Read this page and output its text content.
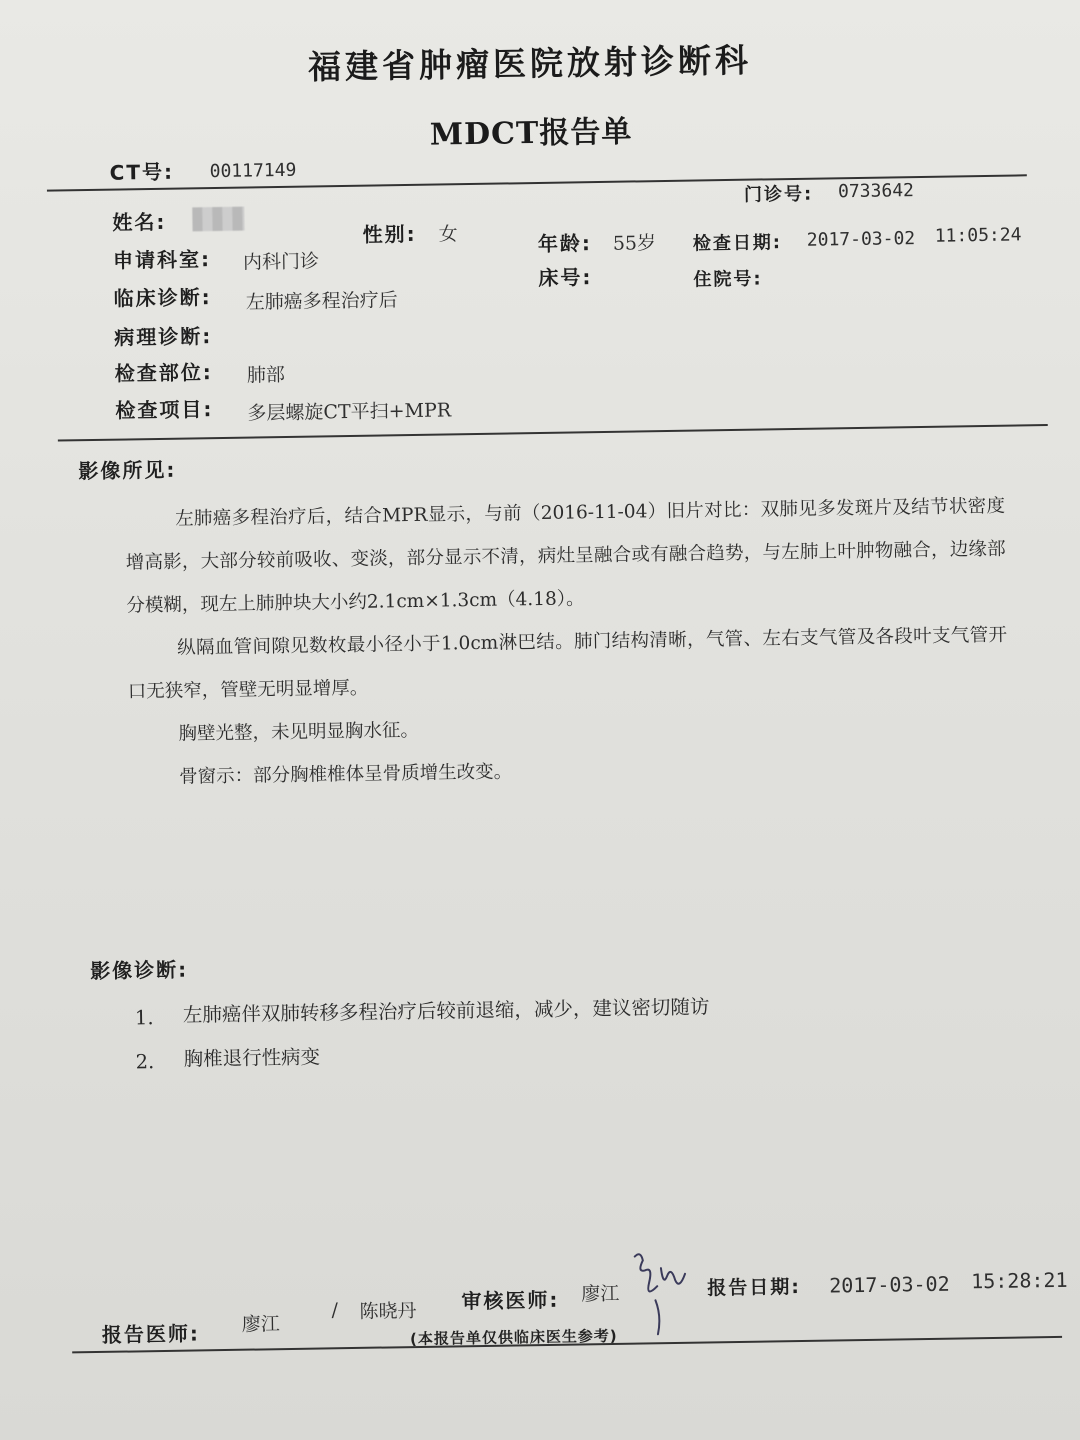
福建省肿瘤医院放射诊断科
MDCT报告单
CT号: 00117149
门诊号: 0733642
姓名:	性别: 女
申请科室: 内科门诊
年龄: 55岁 检查日期: 2017-03-02 11:05:24
临床诊断: 左肺癌多程治疗后
床号:	住院号:
病理诊断:
检查部位: 肺部
检查项目: 多层螺旋CT平扫+MPR
影像所见:

左肺癌多程治疗后，结合MPR显示，与前（2016-11-04）旧片对比：双肺见多发斑片及结节状密度增高影，大部分较前吸收、变淡，部分显示不清，病灶呈融合或有融合趋势，与左肺上叶肿物融合，边缘部分模糊，现左上肺肿块大小约2.1cm×1.3cm（4.18）。

纵隔血管间隙见数枚最小径小于1.0cm淋巴结。肺门结构清晰，气管、左右支气管及各段叶支气管开口无狭窄，管壁无明显增厚。

胸壁光整，未见明显胸水征。

骨窗示：部分胸椎椎体呈骨质增生改变。

影像诊断:
1. 左肺癌伴双肺转移多程治疗后较前退缩，减少，建议密切随访
2. 胸椎退行性病变
报告医师: 廖江
/ 陈晓丹 审核医师: 廖江	报告日期: 2017-03-02 15:28:21
(本报告单仅供临床医生参考)
